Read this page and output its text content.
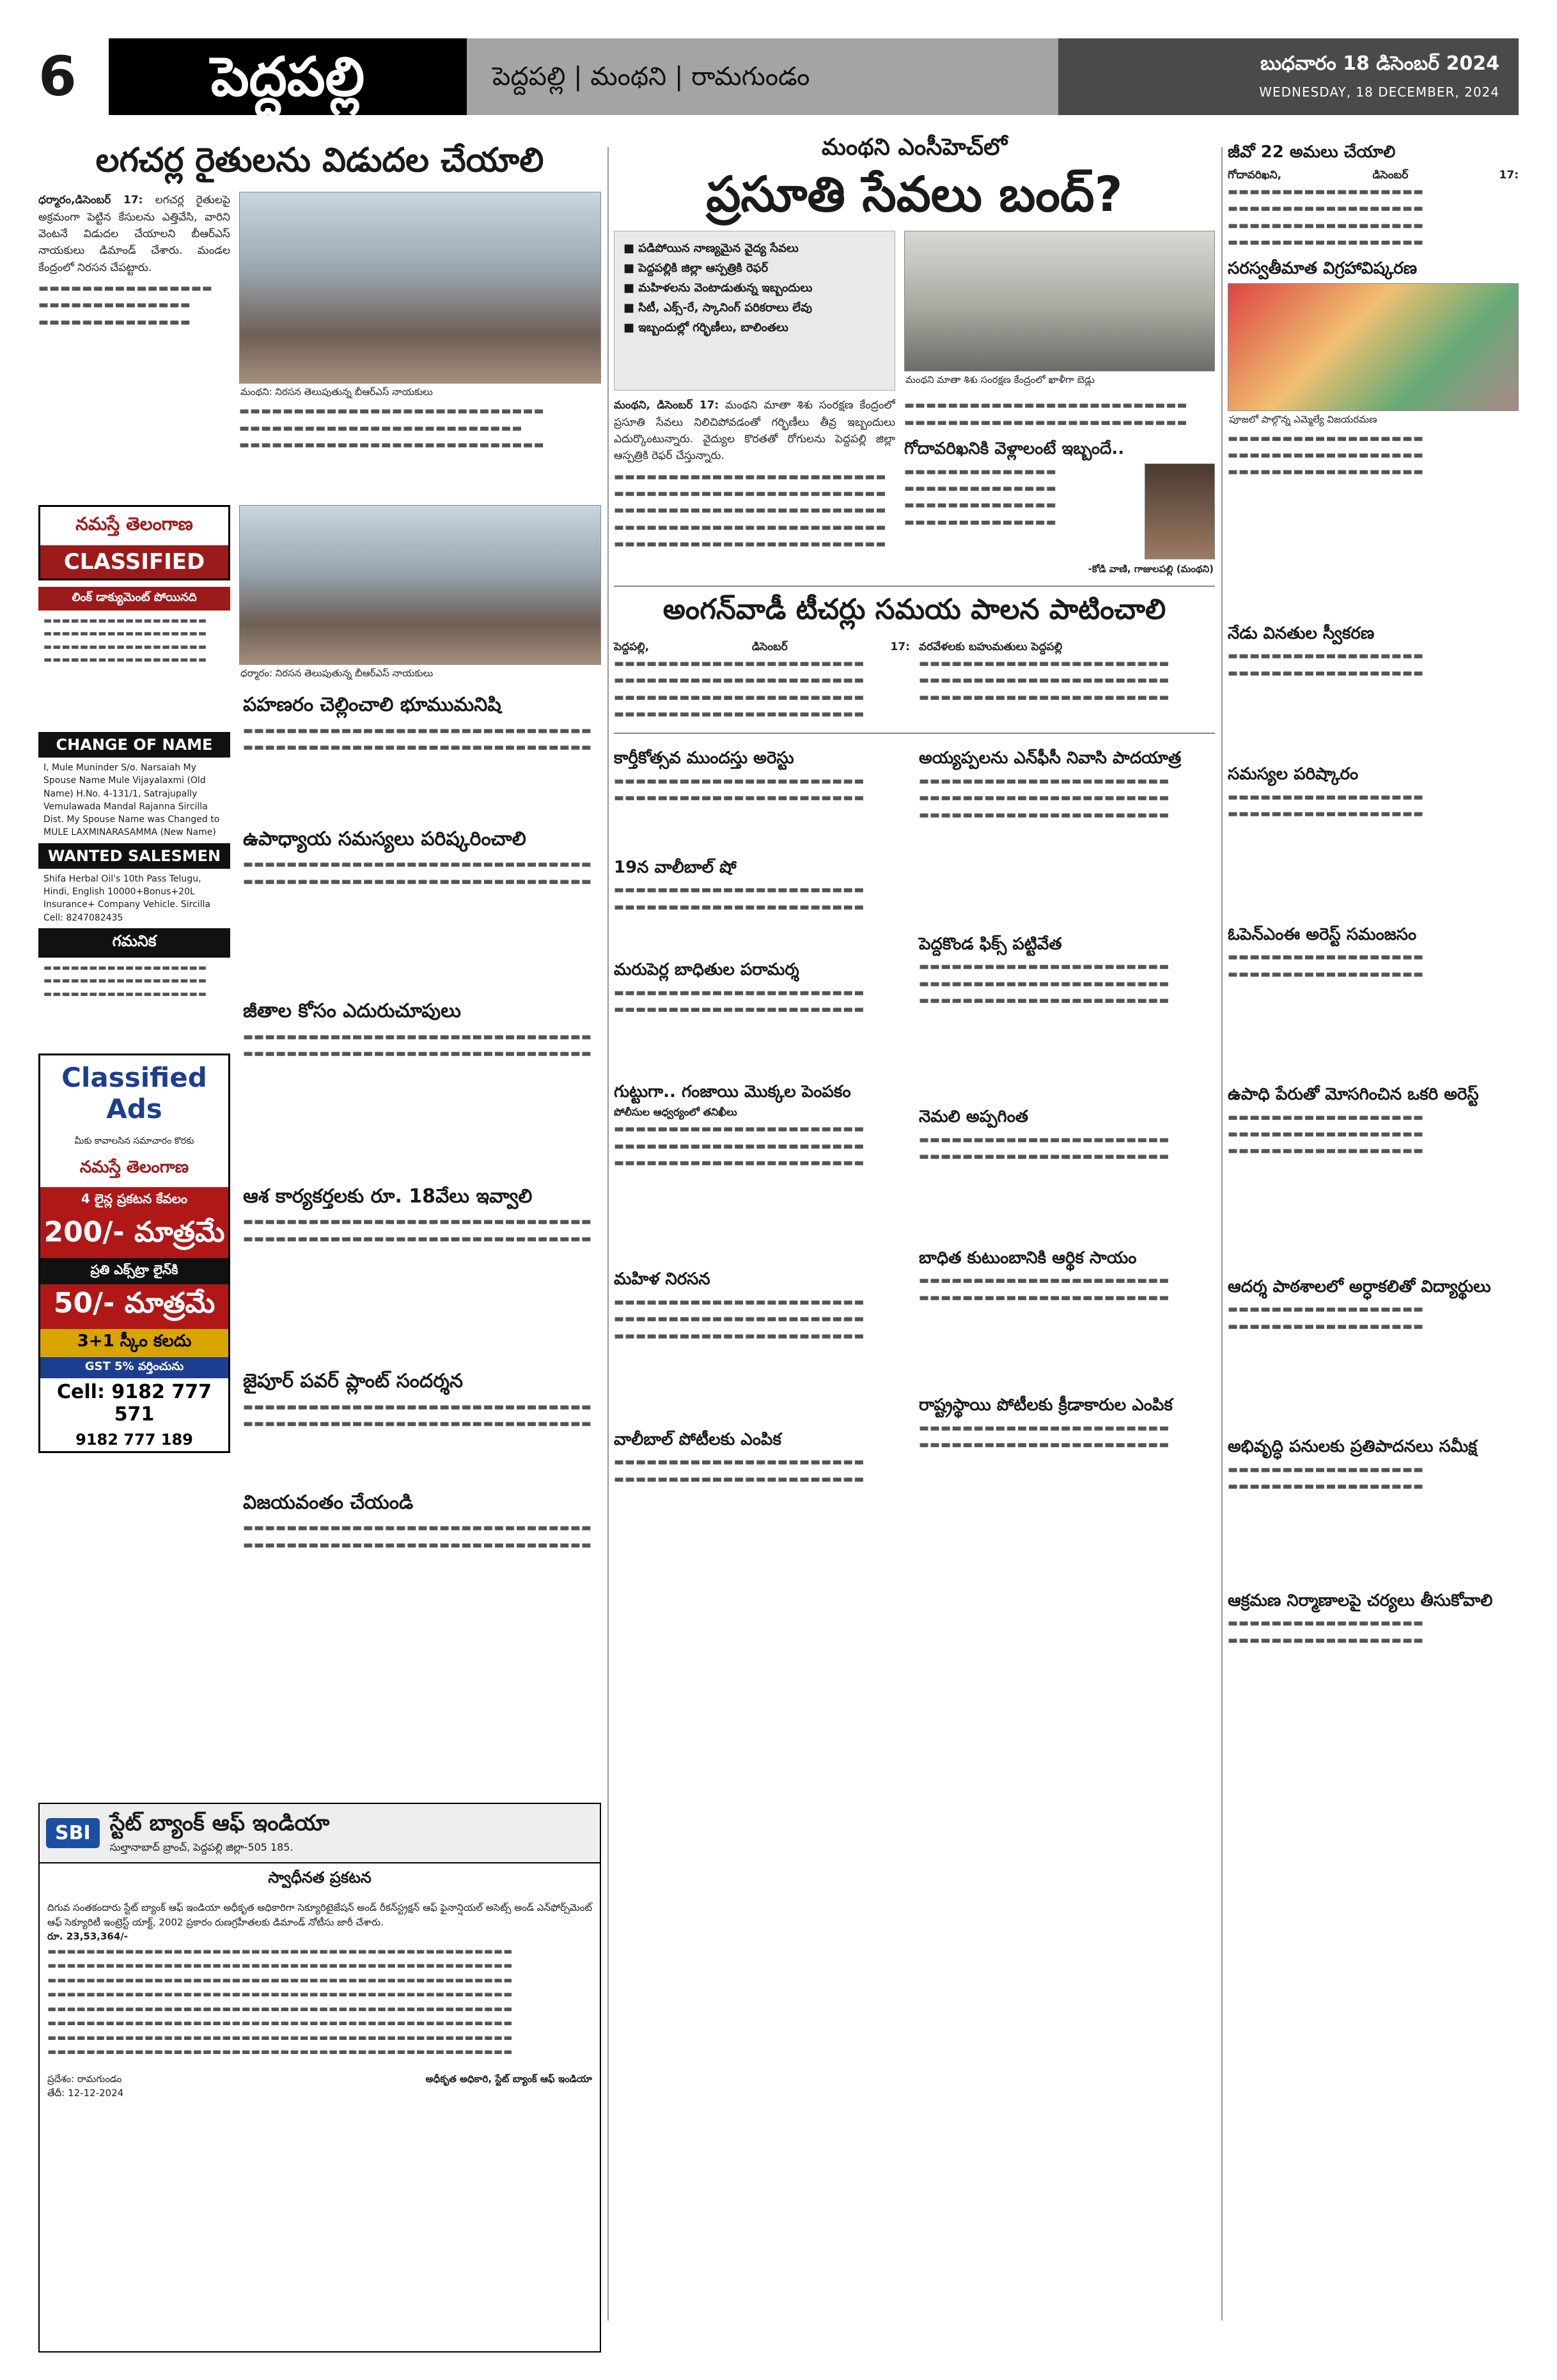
6	పెద్దపల్లి	పెద్దపల్లి | మంథని | రామగుండం	బుధవారం 18 డిసెంబర్ 2024
WEDNESDAY, 18 DECEMBER, 2024
లగచర్ల రైతులను విడుదల చేయాలి

ధర్మారం,డిసెంబర్ 17: లగచర్ల రైతులపై అక్రమంగా పెట్టిన కేసులను ఎత్తివేసి, వారిని వెంటనే విడుదల చేయాలని బీఆర్ఎస్ నాయకులు డిమాండ్ చేశారు. మండల కేంద్రంలో నిరసన చేపట్టారు.

▬▬▬▬▬▬▬▬▬▬▬▬▬▬▬▬ ▬▬▬▬▬▬▬▬▬▬▬▬▬▬ ▬▬▬▬▬▬▬▬▬▬▬▬▬▬

మంథని: నిరసన తెలుపుతున్న బీఆర్ఎస్ నాయకులు
▬▬▬▬▬▬▬▬▬▬▬▬▬▬▬▬▬▬▬▬▬▬▬▬▬▬▬▬ ▬▬▬▬▬▬▬▬▬▬▬▬▬▬▬▬▬▬▬▬▬▬▬▬▬▬ ▬▬▬▬▬▬▬▬▬▬▬▬▬▬▬▬▬▬▬▬▬▬▬▬▬▬▬▬
ధర్మారం: నిరసన తెలుపుతున్న బీఆర్ఎస్ నాయకులు
పహణరం చెల్లించాలి భూముమనిషి
▬▬▬▬▬▬▬▬▬▬▬▬▬▬▬▬▬▬▬▬▬▬▬▬▬▬▬▬▬▬▬▬ ▬▬▬▬▬▬▬▬▬▬▬▬▬▬▬▬▬▬▬▬▬▬▬▬▬▬▬▬▬▬▬▬
ఉపాధ్యాయ సమస్యలు పరిష్కరించాలి
▬▬▬▬▬▬▬▬▬▬▬▬▬▬▬▬▬▬▬▬▬▬▬▬▬▬▬▬▬▬▬▬ ▬▬▬▬▬▬▬▬▬▬▬▬▬▬▬▬▬▬▬▬▬▬▬▬▬▬▬▬▬▬▬▬
జీతాల కోసం ఎదురుచూపులు
▬▬▬▬▬▬▬▬▬▬▬▬▬▬▬▬▬▬▬▬▬▬▬▬▬▬▬▬▬▬▬▬ ▬▬▬▬▬▬▬▬▬▬▬▬▬▬▬▬▬▬▬▬▬▬▬▬▬▬▬▬▬▬▬▬
ఆశ కార్యకర్తలకు రూ. 18వేలు ఇవ్వాలి
▬▬▬▬▬▬▬▬▬▬▬▬▬▬▬▬▬▬▬▬▬▬▬▬▬▬▬▬▬▬▬▬ ▬▬▬▬▬▬▬▬▬▬▬▬▬▬▬▬▬▬▬▬▬▬▬▬▬▬▬▬▬▬▬▬
జైపూర్ పవర్ ప్లాంట్ సందర్శన
▬▬▬▬▬▬▬▬▬▬▬▬▬▬▬▬▬▬▬▬▬▬▬▬▬▬▬▬▬▬▬▬ ▬▬▬▬▬▬▬▬▬▬▬▬▬▬▬▬▬▬▬▬▬▬▬▬▬▬▬▬▬▬▬▬
విజయవంతం చేయండి
▬▬▬▬▬▬▬▬▬▬▬▬▬▬▬▬▬▬▬▬▬▬▬▬▬▬▬▬▬▬▬▬ ▬▬▬▬▬▬▬▬▬▬▬▬▬▬▬▬▬▬▬▬▬▬▬▬▬▬▬▬▬▬▬▬
నమస్తే తెలంగాణ
CLASSIFIED
లింక్ డాక్యుమెంట్ పోయినది
▬▬▬▬▬▬▬▬▬▬▬▬▬▬▬▬▬▬ ▬▬▬▬▬▬▬▬▬▬▬▬▬▬▬▬▬▬ ▬▬▬▬▬▬▬▬▬▬▬▬▬▬▬▬▬▬ ▬▬▬▬▬▬▬▬▬▬▬▬▬▬▬▬▬▬
CHANGE OF NAME
I, Mule Muninder S/o. Narsaiah My Spouse Name Mule Vijayalaxmi (Old Name) H.No. 4-131/1, Satrajupally Vemulawada Mandal Rajanna Sircilla Dist. My Spouse Name was Changed to MULE LAXMINARASAMMA (New Name)
WANTED SALESMEN
Shifa Herbal Oil's 10th Pass Telugu, Hindi, English 10000+Bonus+20L Insurance+ Company Vehicle. Sircilla Cell: 8247082435
గమనిక
▬▬▬▬▬▬▬▬▬▬▬▬▬▬▬▬▬▬ ▬▬▬▬▬▬▬▬▬▬▬▬▬▬▬▬▬▬ ▬▬▬▬▬▬▬▬▬▬▬▬▬▬▬▬▬▬
Classified Ads
మీకు కావాలసిన సమాచారం కొరకు
నమస్తే తెలంగాణ
4 లైన్ల ప్రకటన కేవలం
200/- మాత్రమే
ప్రతి ఎక్స్‌ట్రా లైన్‌కి
50/- మాత్రమే
3+1 స్కీం కలదు
GST 5% వర్తించును
Cell: 9182 777 571
9182 777 189
SBI స్టేట్ బ్యాంక్ ఆఫ్ ఇండియా
సుల్తానాబాద్ బ్రాంచ్, పెద్దపల్లి జిల్లా-505 185.
స్వాధీనత ప్రకటన

దిగువ సంతకందారు స్టేట్ బ్యాంక్ ఆఫ్ ఇండియా అధీకృత అధికారిగా సెక్యూరిటైజేషన్ అండ్ రీకన్‌స్ట్రక్షన్ ఆఫ్ ఫైనాన్షియల్ అసెట్స్ అండ్ ఎన్‌ఫోర్స్‌మెంట్ ఆఫ్ సెక్యూరిటీ ఇంట్రెస్ట్ యాక్ట్, 2002 ప్రకారం రుణగ్రహీతలకు డిమాండ్ నోటీసు జారీ చేశారు.

రూ. 23,53,364/-

▬▬▬▬▬▬▬▬▬▬▬▬▬▬▬▬▬▬▬▬▬▬▬▬▬▬▬▬▬▬▬▬▬▬▬▬▬▬▬▬▬▬▬▬▬▬▬▬ ▬▬▬▬▬▬▬▬▬▬▬▬▬▬▬▬▬▬▬▬▬▬▬▬▬▬▬▬▬▬▬▬▬▬▬▬▬▬▬▬▬▬▬▬▬▬▬▬ ▬▬▬▬▬▬▬▬▬▬▬▬▬▬▬▬▬▬▬▬▬▬▬▬▬▬▬▬▬▬▬▬▬▬▬▬▬▬▬▬▬▬▬▬▬▬▬▬ ▬▬▬▬▬▬▬▬▬▬▬▬▬▬▬▬▬▬▬▬▬▬▬▬▬▬▬▬▬▬▬▬▬▬▬▬▬▬▬▬▬▬▬▬▬▬▬▬ ▬▬▬▬▬▬▬▬▬▬▬▬▬▬▬▬▬▬▬▬▬▬▬▬▬▬▬▬▬▬▬▬▬▬▬▬▬▬▬▬▬▬▬▬▬▬▬▬ ▬▬▬▬▬▬▬▬▬▬▬▬▬▬▬▬▬▬▬▬▬▬▬▬▬▬▬▬▬▬▬▬▬▬▬▬▬▬▬▬▬▬▬▬▬▬▬▬ ▬▬▬▬▬▬▬▬▬▬▬▬▬▬▬▬▬▬▬▬▬▬▬▬▬▬▬▬▬▬▬▬▬▬▬▬▬▬▬▬▬▬▬▬▬▬▬▬ ▬▬▬▬▬▬▬▬▬▬▬▬▬▬▬▬▬▬▬▬▬▬▬▬▬▬▬▬▬▬▬▬▬▬▬▬▬▬▬▬▬▬▬▬▬▬▬▬

ప్రదేశం: రామగుండం
తేదీ: 12-12-2024
అధీకృత అధికారి, స్టేట్ బ్యాంక్ ఆఫ్ ఇండియా
మంథని ఎంసీహెచ్‌లో
ప్రసూతి సేవలు బంద్?
■ పడిపోయిన నాణ్యమైన వైద్య సేవలు
■ పెద్దపల్లికి జిల్లా ఆస్పత్రికి రెఫర్
■ మహిళలను వెంటాడుతున్న ఇబ్బందులు
■ సిటీ, ఎక్స్-రే, స్కానింగ్ పరికరాలు లేవు
■ ఇబ్బందుల్లో గర్భిణీలు, బాలింతలు
మంథని మాతా శిశు సంరక్షణ కేంద్రంలో ఖాళీగా బెడ్లు

మంథని, డిసెంబర్ 17: మంథని మాతా శిశు సంరక్షణ కేంద్రంలో ప్రసూతి సేవలు నిలిచిపోవడంతో గర్భిణీలు తీవ్ర ఇబ్బందులు ఎదుర్కొంటున్నారు. వైద్యుల కొరతతో రోగులను పెద్దపల్లి జిల్లా ఆస్పత్రికి రెఫర్ చేస్తున్నారు.

▬▬▬▬▬▬▬▬▬▬▬▬▬▬▬▬▬▬▬▬▬▬▬▬▬ ▬▬▬▬▬▬▬▬▬▬▬▬▬▬▬▬▬▬▬▬▬▬▬▬▬ ▬▬▬▬▬▬▬▬▬▬▬▬▬▬▬▬▬▬▬▬▬▬▬▬▬ ▬▬▬▬▬▬▬▬▬▬▬▬▬▬▬▬▬▬▬▬▬▬▬▬▬ ▬▬▬▬▬▬▬▬▬▬▬▬▬▬▬▬▬▬▬▬▬▬▬▬▬

▬▬▬▬▬▬▬▬▬▬▬▬▬▬▬▬▬▬▬▬▬▬▬▬▬▬ ▬▬▬▬▬▬▬▬▬▬▬▬▬▬▬▬▬▬▬▬▬▬▬▬▬▬

గోదావరిఖనికి వెళ్లాలంటే ఇబ్బందే..
▬▬▬▬▬▬▬▬▬▬▬▬▬▬ ▬▬▬▬▬▬▬▬▬▬▬▬▬▬ ▬▬▬▬▬▬▬▬▬▬▬▬▬▬ ▬▬▬▬▬▬▬▬▬▬▬▬▬▬
-కోడి వాణి, గాజులపల్లి (మంథని)
అంగన్‌వాడీ టీచర్లు సమయ పాలన పాటించాలి

పెద్దపల్లి, డిసెంబర్ 17: ▬▬▬▬▬▬▬▬▬▬▬▬▬▬▬▬▬▬▬▬▬▬▬ ▬▬▬▬▬▬▬▬▬▬▬▬▬▬▬▬▬▬▬▬▬▬▬ ▬▬▬▬▬▬▬▬▬▬▬▬▬▬▬▬▬▬▬▬▬▬▬ ▬▬▬▬▬▬▬▬▬▬▬▬▬▬▬▬▬▬▬▬▬▬▬

వరవేళలకు బహుమతులు పెద్దపల్లి

▬▬▬▬▬▬▬▬▬▬▬▬▬▬▬▬▬▬▬▬▬▬▬ ▬▬▬▬▬▬▬▬▬▬▬▬▬▬▬▬▬▬▬▬▬▬▬ ▬▬▬▬▬▬▬▬▬▬▬▬▬▬▬▬▬▬▬▬▬▬▬

కార్తీకోత్సవ ముందస్తు అరెస్టు
▬▬▬▬▬▬▬▬▬▬▬▬▬▬▬▬▬▬▬▬▬▬▬ ▬▬▬▬▬▬▬▬▬▬▬▬▬▬▬▬▬▬▬▬▬▬▬
19న వాలీబాల్ షో
▬▬▬▬▬▬▬▬▬▬▬▬▬▬▬▬▬▬▬▬▬▬▬ ▬▬▬▬▬▬▬▬▬▬▬▬▬▬▬▬▬▬▬▬▬▬▬
మరుపెర్ల బాధితుల పరామర్శ
▬▬▬▬▬▬▬▬▬▬▬▬▬▬▬▬▬▬▬▬▬▬▬ ▬▬▬▬▬▬▬▬▬▬▬▬▬▬▬▬▬▬▬▬▬▬▬
గుట్టుగా.. గంజాయి మొక్కల పెంపకం
పోలీసుల ఆధ్వర్యంలో తనిఖీలు
▬▬▬▬▬▬▬▬▬▬▬▬▬▬▬▬▬▬▬▬▬▬▬ ▬▬▬▬▬▬▬▬▬▬▬▬▬▬▬▬▬▬▬▬▬▬▬ ▬▬▬▬▬▬▬▬▬▬▬▬▬▬▬▬▬▬▬▬▬▬▬
మహిళ నిరసన
▬▬▬▬▬▬▬▬▬▬▬▬▬▬▬▬▬▬▬▬▬▬▬ ▬▬▬▬▬▬▬▬▬▬▬▬▬▬▬▬▬▬▬▬▬▬▬ ▬▬▬▬▬▬▬▬▬▬▬▬▬▬▬▬▬▬▬▬▬▬▬
వాలీబాల్ పోటీలకు ఎంపిక
▬▬▬▬▬▬▬▬▬▬▬▬▬▬▬▬▬▬▬▬▬▬▬ ▬▬▬▬▬▬▬▬▬▬▬▬▬▬▬▬▬▬▬▬▬▬▬
అయ్యప్పలను ఎన్‌ఫీసీ నివాసి పాదయాత్ర
▬▬▬▬▬▬▬▬▬▬▬▬▬▬▬▬▬▬▬▬▬▬▬ ▬▬▬▬▬▬▬▬▬▬▬▬▬▬▬▬▬▬▬▬▬▬▬ ▬▬▬▬▬▬▬▬▬▬▬▬▬▬▬▬▬▬▬▬▬▬▬
పెద్దకొండ ఫిక్స్ పట్టివేత
▬▬▬▬▬▬▬▬▬▬▬▬▬▬▬▬▬▬▬▬▬▬▬ ▬▬▬▬▬▬▬▬▬▬▬▬▬▬▬▬▬▬▬▬▬▬▬ ▬▬▬▬▬▬▬▬▬▬▬▬▬▬▬▬▬▬▬▬▬▬▬
నెమలి అప్పగింత
▬▬▬▬▬▬▬▬▬▬▬▬▬▬▬▬▬▬▬▬▬▬▬ ▬▬▬▬▬▬▬▬▬▬▬▬▬▬▬▬▬▬▬▬▬▬▬
బాధిత కుటుంబానికి ఆర్థిక సాయం
▬▬▬▬▬▬▬▬▬▬▬▬▬▬▬▬▬▬▬▬▬▬▬ ▬▬▬▬▬▬▬▬▬▬▬▬▬▬▬▬▬▬▬▬▬▬▬
రాష్ట్రస్థాయి పోటీలకు క్రీడాకారుల ఎంపిక
▬▬▬▬▬▬▬▬▬▬▬▬▬▬▬▬▬▬▬▬▬▬▬ ▬▬▬▬▬▬▬▬▬▬▬▬▬▬▬▬▬▬▬▬▬▬▬
జీవో 22 అమలు చేయాలి

గోదావరిఖని, డిసెంబర్ 17: ▬▬▬▬▬▬▬▬▬▬▬▬▬▬▬▬▬▬ ▬▬▬▬▬▬▬▬▬▬▬▬▬▬▬▬▬▬ ▬▬▬▬▬▬▬▬▬▬▬▬▬▬▬▬▬▬ ▬▬▬▬▬▬▬▬▬▬▬▬▬▬▬▬▬▬

సరస్వతీమాత విగ్రహావిష్కరణ
పూజలో పాల్గొన్న ఎమ్మెల్యే విజయరమణ
▬▬▬▬▬▬▬▬▬▬▬▬▬▬▬▬▬▬ ▬▬▬▬▬▬▬▬▬▬▬▬▬▬▬▬▬▬ ▬▬▬▬▬▬▬▬▬▬▬▬▬▬▬▬▬▬
నేడు వినతుల స్వీకరణ
▬▬▬▬▬▬▬▬▬▬▬▬▬▬▬▬▬▬ ▬▬▬▬▬▬▬▬▬▬▬▬▬▬▬▬▬▬
సమస్యల పరిష్కారం
▬▬▬▬▬▬▬▬▬▬▬▬▬▬▬▬▬▬ ▬▬▬▬▬▬▬▬▬▬▬▬▬▬▬▬▬▬
ఓపెన్‌ఎంఈ అరెస్ట్ సమంజసం
▬▬▬▬▬▬▬▬▬▬▬▬▬▬▬▬▬▬ ▬▬▬▬▬▬▬▬▬▬▬▬▬▬▬▬▬▬
ఉపాధి పేరుతో మోసగించిన ఒకరి అరెస్ట్
▬▬▬▬▬▬▬▬▬▬▬▬▬▬▬▬▬▬ ▬▬▬▬▬▬▬▬▬▬▬▬▬▬▬▬▬▬ ▬▬▬▬▬▬▬▬▬▬▬▬▬▬▬▬▬▬
ఆదర్శ పాఠశాలలో అర్ధాకలితో విద్యార్థులు
▬▬▬▬▬▬▬▬▬▬▬▬▬▬▬▬▬▬ ▬▬▬▬▬▬▬▬▬▬▬▬▬▬▬▬▬▬
అభివృద్ధి పనులకు ప్రతిపాదనలు సమీక్ష
▬▬▬▬▬▬▬▬▬▬▬▬▬▬▬▬▬▬ ▬▬▬▬▬▬▬▬▬▬▬▬▬▬▬▬▬▬
ఆక్రమణ నిర్మాణాలపై చర్యలు తీసుకోవాలి
▬▬▬▬▬▬▬▬▬▬▬▬▬▬▬▬▬▬ ▬▬▬▬▬▬▬▬▬▬▬▬▬▬▬▬▬▬
